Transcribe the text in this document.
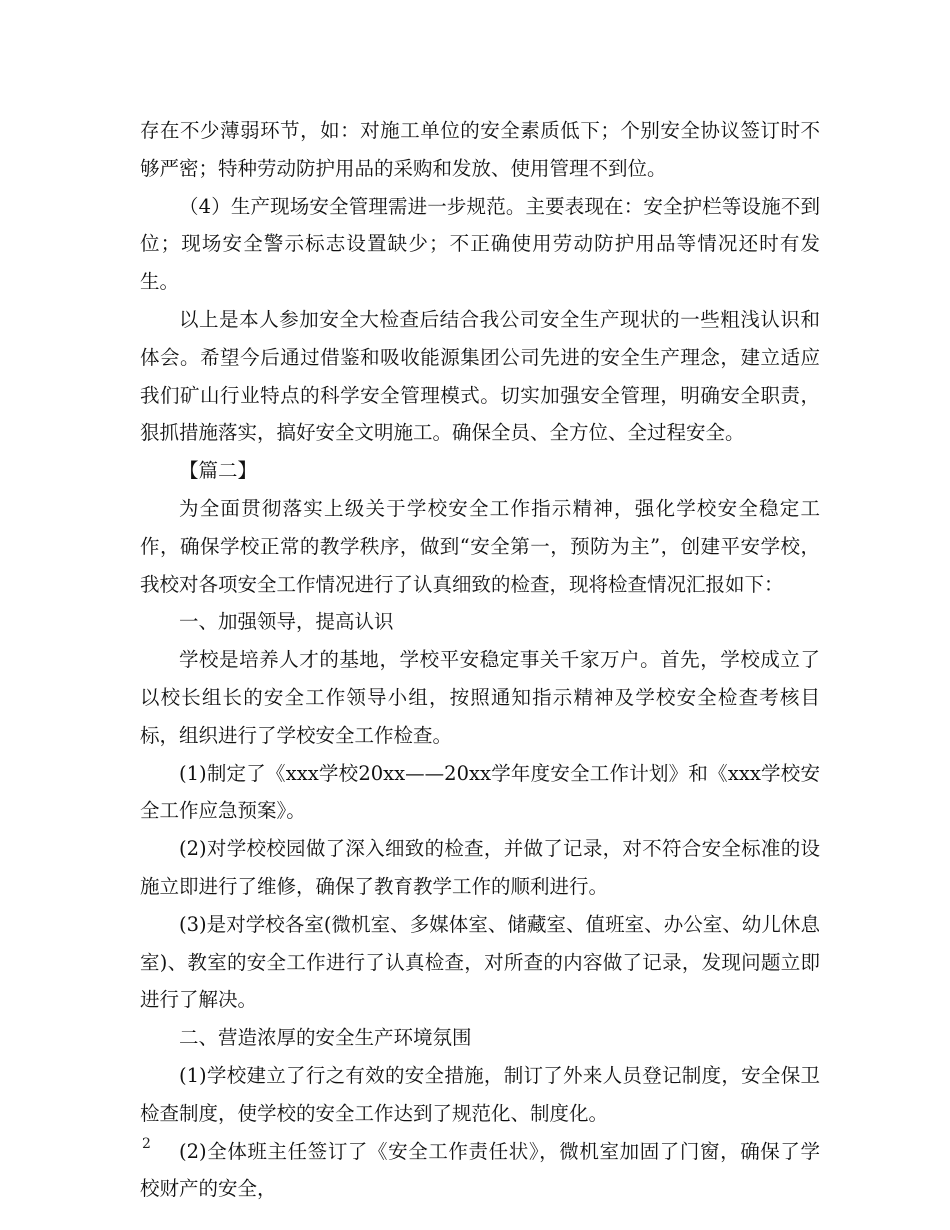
存在不少薄弱环节，如：对施工单位的安全素质低下；个别安全协议签订时不够严密；特种劳动防护用品的采购和发放、使用管理不到位。

（4）生产现场安全管理需进一步规范。主要表现在：安全护栏等设施不到位；现场安全警示标志设置缺少；不正确使用劳动防护用品等情况还时有发生。

以上是本人参加安全大检查后结合我公司安全生产现状的一些粗浅认识和体会。希望今后通过借鉴和吸收能源集团公司先进的安全生产理念，建立适应我们矿山行业特点的科学安全管理模式。切实加强安全管理，明确安全职责，狠抓措施落实，搞好安全文明施工。确保全员、全方位、全过程安全。

【篇二】

为全面贯彻落实上级关于学校安全工作指示精神，强化学校安全稳定工作，确保学校正常的教学秩序，做到“安全第一，预防为主”，创建平安学校，我校对各项安全工作情况进行了认真细致的检查，现将检查情况汇报如下：

一、加强领导，提高认识

学校是培养人才的基地，学校平安稳定事关千家万户。首先，学校成立了以校长组长的安全工作领导小组，按照通知指示精神及学校安全检查考核目标，组织进行了学校安全工作检查。

(1)制定了《xxx学校20xx——20xx学年度安全工作计划》和《xxx学校安全工作应急预案》。

(2)对学校校园做了深入细致的检查，并做了记录，对不符合安全标准的设施立即进行了维修，确保了教育教学工作的顺利进行。

(3)是对学校各室(微机室、多媒体室、储藏室、值班室、办公室、幼儿休息室)、教室的安全工作进行了认真检查，对所查的内容做了记录，发现问题立即进行了解决。

二、营造浓厚的安全生产环境氛围

(1)学校建立了行之有效的安全措施，制订了外来人员登记制度，安全保卫检查制度，使学校的安全工作达到了规范化、制度化。

(2)全体班主任签订了《安全工作责任状》，微机室加固了门窗，确保了学校财产的安全，

2
